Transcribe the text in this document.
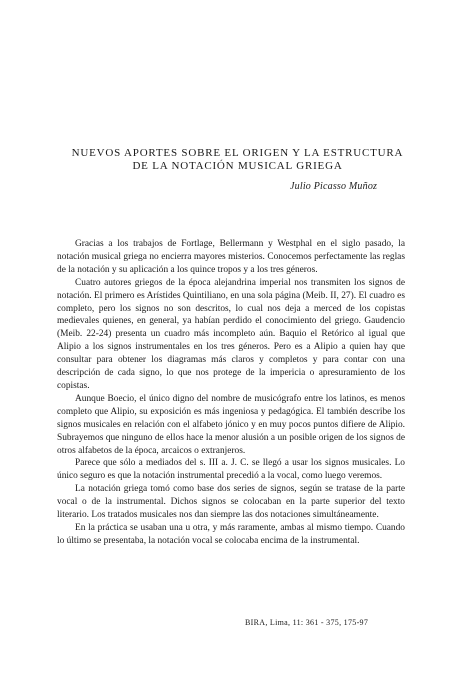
NUEVOS APORTES SOBRE EL ORIGEN Y LA ESTRUCTURA
DE LA NOTACIÓN MUSICAL GRIEGA
Julio Picasso Muñoz

Gracias a los trabajos de Fortlage, Bellermann y Westphal en el siglo pasado, la notación musical griega no encierra mayores misterios. Conocemos perfectamente las reglas de la notación y su aplicación a los quince tropos y a los tres géneros.

Cuatro autores griegos de la época alejandrina imperial nos transmiten los signos de notación. El primero es Arístides Quintiliano, en una sola página (Meib. II, 27). El cuadro es completo, pero los signos no son descritos, lo cual nos deja a merced de los copistas medievales quienes, en general, ya habían perdido el conocimiento del griego. Gaudencio (Meib. 22-24) presenta un cuadro más incompleto aún. Baquio el Retórico al igual que Alipio a los signos instrumentales en los tres géneros. Pero es a Alipio a quien hay que consultar para obtener los diagramas más claros y completos y para contar con una descripción de cada signo, lo que nos protege de la impericia o apresuramiento de los copistas.

Aunque Boecio, el único digno del nombre de musicógrafo entre los latinos, es menos completo que Alipio, su exposición es más ingeniosa y pedagógica. El también describe los signos musicales en relación con el alfabeto jónico y en muy pocos puntos difiere de Alipio. Subrayemos que ninguno de ellos hace la menor alusión a un posible origen de los signos de otros alfabetos de la época, arcaicos o extranjeros.

Parece que sólo a mediados del s. III a. J. C. se llegó a usar los signos musicales. Lo único seguro es que la notación instrumental precedió a la vocal, como luego veremos.

La notación griega tomó como base dos series de signos, según se tratase de la parte vocal o de la instrumental. Dichos signos se colocaban en la parte superior del texto literario. Los tratados musicales nos dan siempre las dos notaciones simultáneamente.

En la práctica se usaban una u otra, y más raramente, ambas al mismo tiempo. Cuando lo último se presentaba, la notación vocal se colocaba encima de la instrumental.

BIRA, Lima, 11: 361 - 375, 175-97
